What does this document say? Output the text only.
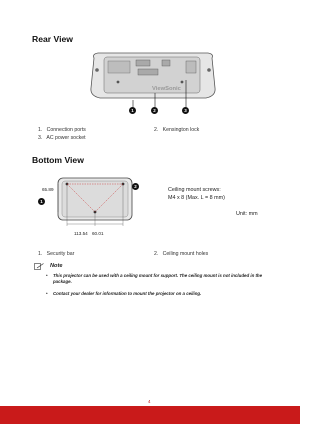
Rear View
ViewSonic
1	2	3
1. Connection ports	2. Kensington lock
3. AC power socket
Bottom View
65.89
113.54 60.01
1
2
Ceiling mount screws:
M4 x 8 (Max. L = 8 mm)
Unit: mm
1. Security bar	2. Ceiling mount holes
Note
• This projector can be used with a ceiling mount for support. The ceiling mount is not included in the package.
• Contact your dealer for information to mount the projector on a ceiling.
4
